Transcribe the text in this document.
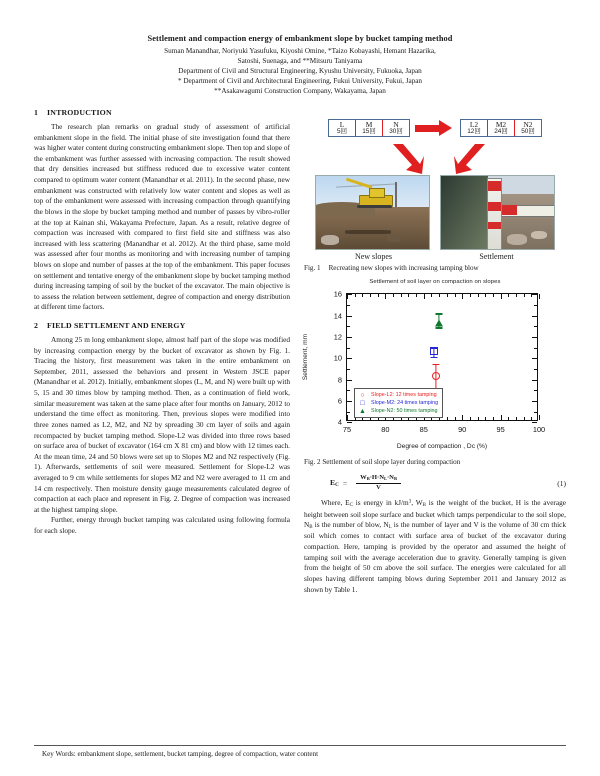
Settlement and compaction energy of embankment slope by bucket tamping method
Suman Manandhar, Noriyuki Yasufuku, Kiyoshi Omine, *Taizo Kobayashi, Hemant Hazarika,
Satoshi, Suenaga, and **Mitsuru Taniyama
Department of Civil and Structural Engineering, Kyushu University, Fukuoka, Japan
* Department of Civil and Architectural Engineering, Fukui University, Fukui, Japan
**Asakawagumi Construction Company, Wakayama, Japan
1 INTRODUCTION

The research plan remarks on gradual study of assessment of artificial embankment slope in the field. The initial phase of site investigation found that there was higher water content during constructing embankment slope. Then top and slope of the embankment was further assessed with increasing compaction. The result showed that dry densities increased but stiffness reduced due to excessive water content compared to optimum water content (Manandhar et al. 2011). In the second phase, new embankment was constructed with relatively low water content and slopes as well as top of the embankment were assessed with increasing compaction through quantifying the blows in the slope by bucket tamping method and number of passes by vibro-roller at the top at Kainan shi, Wakayama Prefecture, Japan. As a result, relative degree of compaction was increased with compared to first field site and stiffness was also increased with less scattering (Manandhar et al. 2012). At the third phase, same mold was assessed after four months as monitoring and with increasing number of tamping blows on slope and number of passes at the top of the embankment. This paper focuses on settlement and tentative energy of the embankment slope by bucket tamping method during increasing tamping of soil by the bucket of the excavator. The main objective is to assess the relation between settlement, degree of compaction and energy distribution at different time factors.

2 FIELD SETTLEMENT AND ENERGY

Among 25 m long embankment slope, almost half part of the slope was modified by increasing compaction energy by the bucket of excavator as shown by Fig. 1. Tracing the history, first measurement was taken in the entire embankment on September, 2011, assessed the behaviors and present in Western JSCE paper (Manandhar et al. 2012). Initially, embankment slopes (L, M, and N) were built up with 5, 15 and 30 times blow by tamping method. Then, as a continuation of field work, similar measurement was taken at the same place after four months on January, 2012 to understand the time effect as monitoring. Then, previous slopes were modified into three zones named as L2, M2, and N2 by spreading 30 cm layer of soils and again recompacted by bucket tamping method. Slope-L2 was divided into three rows based on surface area of bucket of excavator (164 cm X 81 cm) and blow with 12 times each. At the mean time, 24 and 50 blows were set up to Slopes M2 and N2 respectively (Fig. 1). Afterwards, settlements of soil were measured. Settlement for Slope-L2 was averaged to 9 cm while settlements for slopes M2 and N2 were averaged to 11 cm and 14 cm respectively. Then moisture density gauge measurements calculated degree of compaction at each place and represent in Fig. 2. Degree of compaction was increased at the highest tamping slope.

Further, energy through bucket tamping was calculated using following formula for each slope.

L
5回
M
15回
N
30回
L2
12回
M2
24回
N2
50回
New slopes	Settlement
Fig. 1 Recreating new slopes with increasing tamping blow
Settlement of soil layer on compaction on slopes
4
6
8
10
12
14
16
75	80	85	90	95	100
Settlement, mm
Degree of compaction , Dc (%)
○	Slope-L2: 12 times tamping
□	Slope-M2: 24 times tamping
▲ Slope-N2: 50 times tamping
Fig. 2 Settlement of soil slope layer during compaction
$E_C = \frac{W_B\cdot H\cdot N_L\cdot N_B}{V}$	(1)

Where, $E_C$ is energy in $kJ/m^3$, $W_B$ is the weight of the bucket, H is the average height between soil slope surface and bucket which tamps perpendicular to the soil slope, $N_B$ is the number of blow, $N_L$ is the number of layer and V is the volume of 30 cm thick soil which comes to contact with surface area of bucket of the excavator during compaction. Here, tamping is provided by the operator and assumed the height of tamping soil with the average acceleration due to gravity. Generally tamping is given from the height of 50 cm above the soil surface. The energies were calculated for all slopes having different tamping blows during September 2011 and January 2012 as shown by Table 1.

Key Words: embankment slope, settlement, bucket tamping, degree of compaction, water content
